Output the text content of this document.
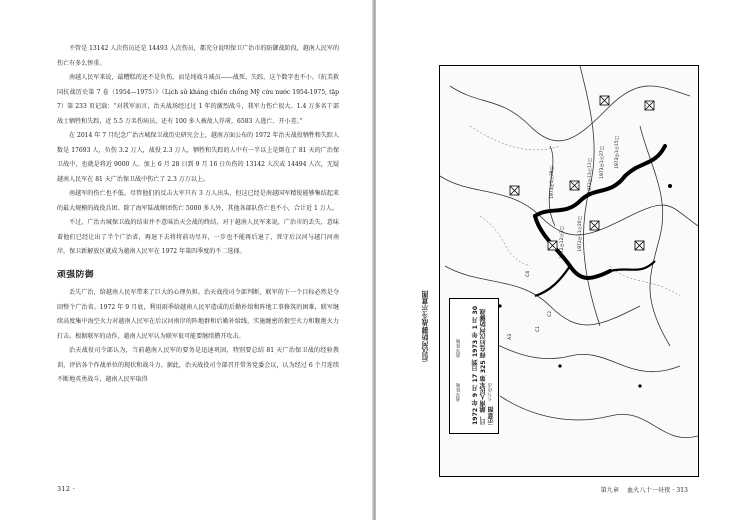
不管是 13142 人次伤员还是 14493 人次伤员，都充分说明保卫广治市的防御战阶段，越南人民军的伤亡有多么惨重。

南越人民军来说，最糟糕的还不是负伤，而是纯战斗减员——战死、失踪，这个数字也不小。《抗美救国抗战历史第 7 卷（1954—1975）》（Lịch sử kháng chiến chống Mỹ cứu nước 1954-1975, tập 7）第 233 页记载：“对我军而言，治天战场经过过 1 年的激烈战斗，我军力伤亡很大。1.4 万多名干部战士牺牲和失踪，近 5.5 万名伤病员，还有 100 多人被故人俘虏，6583 人逃亡、开小差。”

在 2014 年 7 月纪念广治古城保卫战历史研究会上，越南方面公布的 1972 年治天战役牺牲和失踪人数是 17693 人，负伤 3.2 万人，战役 2.3 万人，牺牲和失踪的人中有一半以上是倒在了 81 天的广治保卫战中，也就是将近 9000 人。加上 6 月 28 日到 9 月 16 日负伤的 13142 人次或 14494 人次，无疑越南人民军在 81 天广治保卫战中伤亡了 2.3 万万以上。

南越军的伤亡也不低。尽管他们的反击大军只有 3 万人出头，但这已经是南越国军精锐能够集结起来的最大规模的战役兵团。除了海军陆战师团伤亡 5000 多人外，其他各部队伤亡也不小，合计近 1 万人。

不过，广治古城保卫战的结束并不意味治天会战的终结，对于越南人民军来说，广治市的丢失，意味着他们已经让出了半个广治省，再退下去将将前功尽弃，一步也不能再后退了，死守后汉河与越门河南岸，保卫新解放区就成为越南人民军在 1972 年第四季度的不二选择。

顽强防御

丢失广治，给越南人民军带来了巨大的心理负担。治天战役司令部判断，联军的下一个目标必然是夺回整个广治省。1972 年 9 月底，利用雨季给越南人民军造成的后勤补给和阵地工事修筑的困难，联军继续高度集中海空火力对越南人民军在后汉河南岸的阵地群和后勤补给线，实施缠密的狠空火力和舰炮火力打击。根据联军的动作，越南人民军认为联军很可能要继续攒开攻击。

治天战役司令部认为，当前越南人民军的要务是迅速巩固，特别要总结 81 天广治保卫战的经验教训，评估各个作战单位的现状和战斗力。据此，治天战役司令部召开常务党委会议，认为经过 6 个月连续不断地英勇战斗，越南人民军取得

312 ·
1973年1月28日	1972年11月11日 1973年1月27日
1972年12月3日	1972年11月20日
1973年1月15日
C4
C1
C2
A3
1972 年 9 月 17 日到 1973 年 1 月 30 日，越南人民军第 325 师在后汉河防御战示意图
我军阵地
敌军阵地
大力攻击
后汉河防御战斗示意图
第九章 血火八十一昼夜 · 313
